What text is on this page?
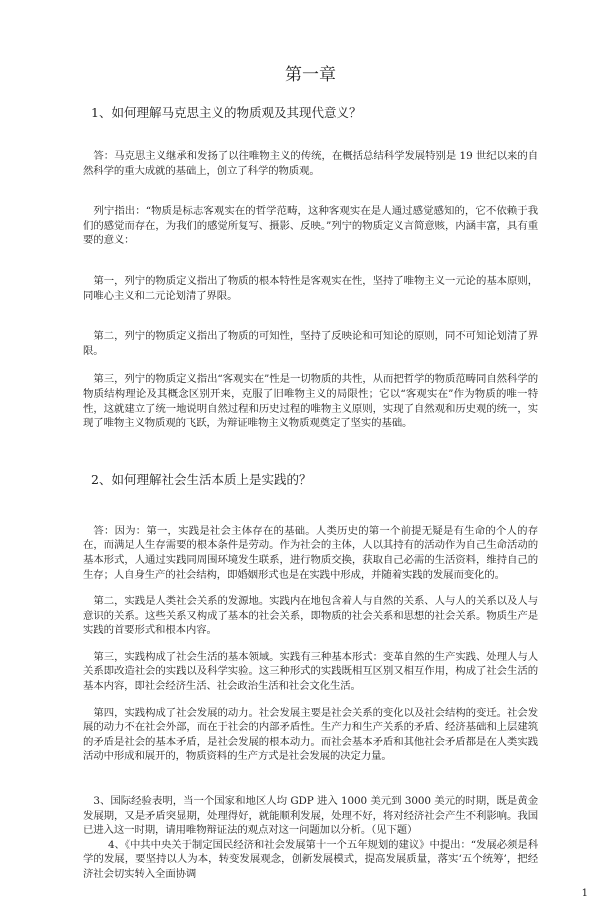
第一章
1、如何理解马克思主义的物质观及其现代意义？

答：马克思主义继承和发扬了以往唯物主义的传统，在概括总结科学发展特别是 19 世纪以来的自然科学的重大成就的基础上，创立了科学的物质观。

列宁指出：“物质是标志客观实在的哲学范畴，这种客观实在是人通过感觉感知的，它不依赖于我们的感觉而存在，为我们的感觉所复写、摄影、反映。”列宁的物质定义言简意赅，内涵丰富，具有重要的意义：

第一，列宁的物质定义指出了物质的根本特性是客观实在性，坚持了唯物主义一元论的基本原则，同唯心主义和二元论划清了界限。

第二，列宁的物质定义指出了物质的可知性，坚持了反映论和可知论的原则，同不可知论划清了界限。

第三，列宁的物质定义指出“客观实在”性是一切物质的共性，从而把哲学的物质范畴同自然科学的物质结构理论及其概念区别开来，克服了旧唯物主义的局限性；它以“客观实在”作为物质的唯一特性，这就建立了统一地说明自然过程和历史过程的唯物主义原则，实现了自然观和历史观的统一，实现了唯物主义物质观的飞跃，为辩证唯物主义物质观奠定了坚实的基础。

2、如何理解社会生活本质上是实践的？

答：因为：第一，实践是社会主体存在的基础。人类历史的第一个前提无疑是有生命的个人的存在，而满足人生存需要的根本条件是劳动。作为社会的主体，人以其持有的活动作为自己生命活动的基本形式，人通过实践同周围环境发生联系，进行物质交换，获取自己必需的生活资料，维持自己的生存；人自身生产的社会结构，即婚姻形式也是在实践中形成，并随着实践的发展而变化的。

第二，实践是人类社会关系的发源地。实践内在地包含着人与自然的关系、人与人的关系以及人与意识的关系。这些关系又构成了基本的社会关系，即物质的社会关系和思想的社会关系。物质生产是实践的首要形式和根本内容。

第三，实践构成了社会生活的基本领域。实践有三种基本形式：变革自然的生产实践、处理人与人关系即改造社会的实践以及科学实验。这三种形式的实践既相互区别又相互作用，构成了社会生活的基本内容，即社会经济生活、社会政治生活和社会文化生活。

第四，实践构成了社会发展的动力。社会发展主要是社会关系的变化以及社会结构的变迁。社会发展的动力不在社会外部，而在于社会的内部矛盾性。生产力和生产关系的矛盾、经济基础和上层建筑的矛盾是社会的基本矛盾，是社会发展的根本动力。而社会基本矛盾和其他社会矛盾都是在人类实践活动中形成和展开的，物质资料的生产方式是社会发展的决定力量。

3、国际经验表明，当一个国家和地区人均 GDP 进入 1000 美元到 3000 美元的时期，既是黄金发展期，又是矛盾突显期，处理得好，就能顺利发展，处理不好，将对经济社会产生不利影响。我国已进入这一时期，请用唯物辩证法的观点对这一问题加以分析。（见下题）

4、《中共中央关于制定国民经济和社会发展第十一个五年规划的建议》中提出：“发展必须是科学的发展，要坚持以人为本，转变发展观念，创新发展模式，提高发展质量，落实‘五个统筹’，把经济社会切实转入全面协调

1
